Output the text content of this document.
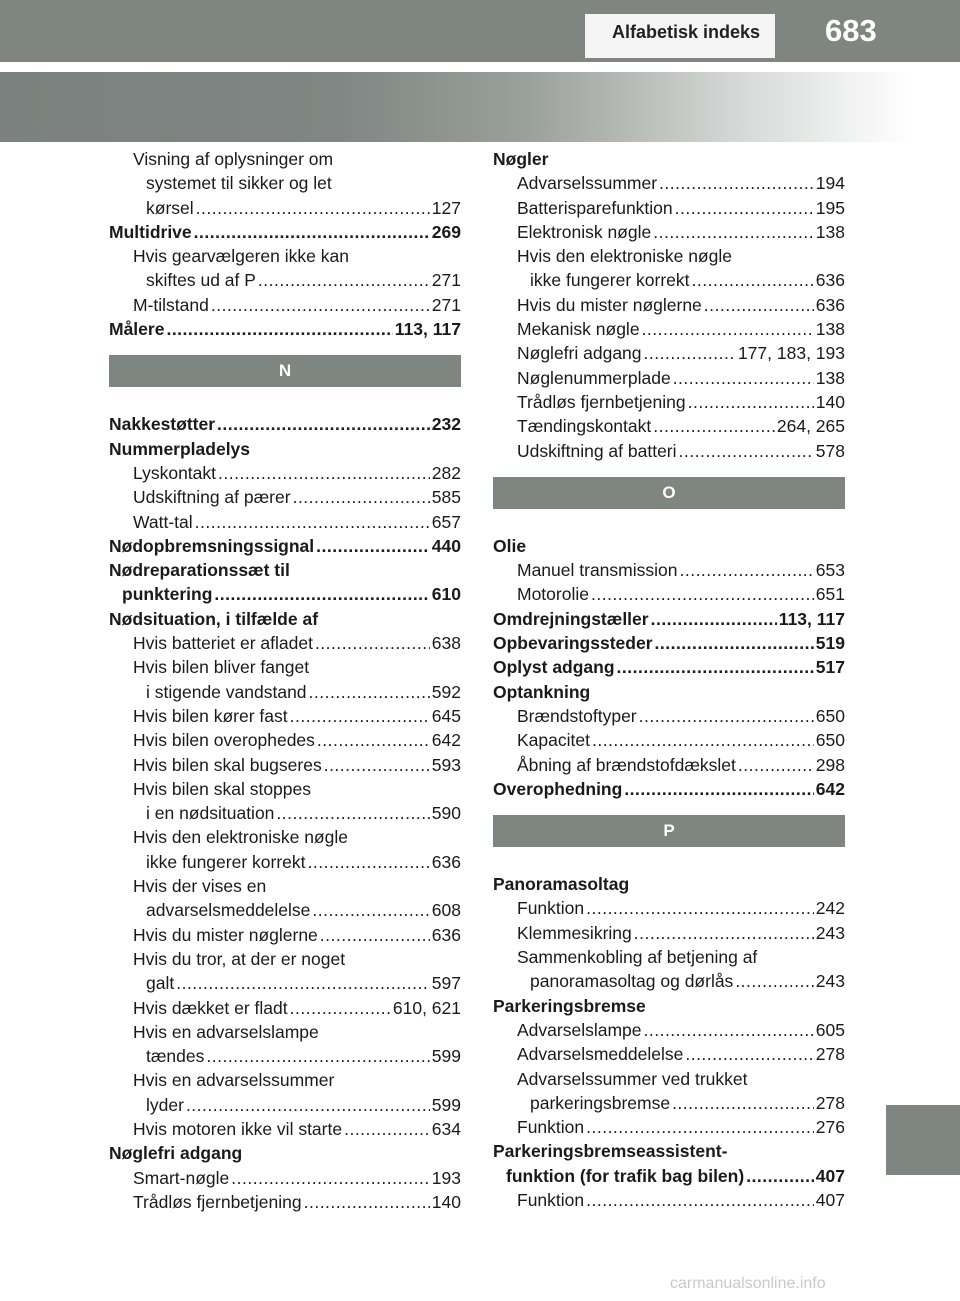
Alfabetisk indeks	683
Visning af oplysninger om
systemet til sikker og let
kørsel .....	127
Multidrive .....	269
Hvis gearvælgeren ikke kan
skiftes ud af P .....	271
M-tilstand .....	271
Målere .....	113, 117
N
Nakkestøtter .....	232
Nummerpladelys
Lyskontakt .....	282
Udskiftning af pærer .....	585
Watt-tal .....	657
Nødopbremsningssignal .....	440
Nødreparationssæt til
punktering .....	610
Nødsituation, i tilfælde af
Hvis batteriet er afladet .....	638
Hvis bilen bliver fanget
i stigende vandstand .....	592
Hvis bilen kører fast .....	645
Hvis bilen overophedes .....	642
Hvis bilen skal bugseres .....	593
Hvis bilen skal stoppes
i en nødsituation .....	590
Hvis den elektroniske nøgle
ikke fungerer korrekt .....	636
Hvis der vises en
advarselsmeddelelse .....	608
Hvis du mister nøglerne .....	636
Hvis du tror, at der er noget
galt .....	597
Hvis dækket er fladt .....	610, 621
Hvis en advarselslampe
tændes .....	599
Hvis en advarselssummer
lyder .....	599
Hvis motoren ikke vil starte .....	634
Nøglefri adgang
Smart-nøgle .....	193
Trådløs fjernbetjening .....	140
Nøgler
Advarselssummer .....	194
Batterisparefunktion .....	195
Elektronisk nøgle .....	138
Hvis den elektroniske nøgle
ikke fungerer korrekt .....	636
Hvis du mister nøglerne .....	636
Mekanisk nøgle .....	138
Nøglefri adgang .....	177, 183, 193
Nøglenummerplade .....	138
Trådløs fjernbetjening .....	140
Tændingskontakt .....	264, 265
Udskiftning af batteri .....	578
O
Olie
Manuel transmission .....	653
Motorolie .....	651
Omdrejningstæller .....	113, 117
Opbevaringssteder .....	519
Oplyst adgang .....	517
Optankning
Brændstoftyper .....	650
Kapacitet .....	650
Åbning af brændstofdækslet .....	298
Overophedning .....	642
P
Panoramasoltag
Funktion .....	242
Klemmesikring .....	243
Sammenkobling af betjening af
panoramasoltag og dørlås .....	243
Parkeringsbremse
Advarselslampe .....	605
Advarselsmeddelelse .....	278
Advarselssummer ved trukket
parkeringsbremse .....	278
Funktion .....	276
Parkeringsbremseassistent-
funktion (for trafik bag bilen) .....	407
Funktion .....	407
carmanualsonline.info
